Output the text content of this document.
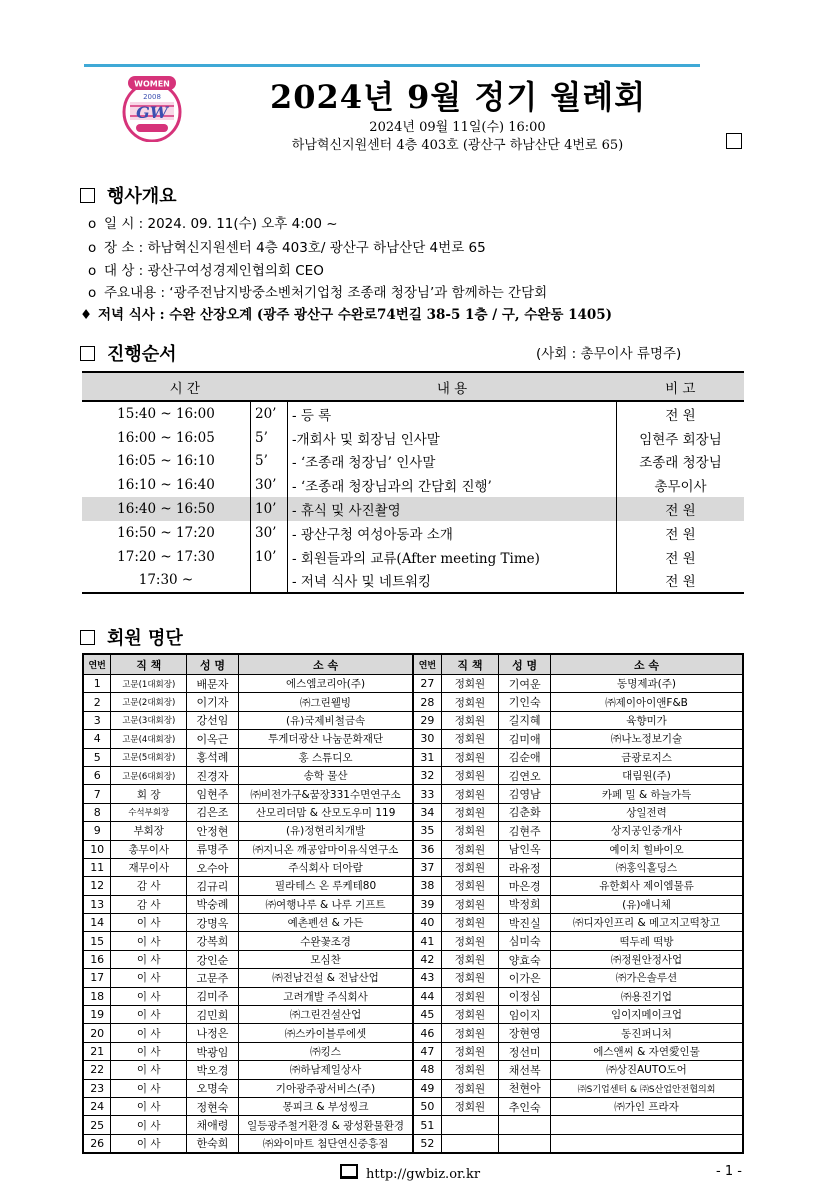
WOMEN
2008
GW	2024년 9월 정기 월례회
2024년 09월 11일(수) 16:00
하남혁신지원센터 4층 403호 (광산구 하남산단 4번로 65)
행사개요
o 일 시 : 2024. 09. 11(수) 오후 4:00 ~
o 장 소 : 하남혁신지원센터 4층 403호/ 광산구 하남산단 4번로 65
o 대 상 : 광산구여성경제인협의회 CEO
o 주요내용 : ‘광주전남지방중소벤처기업청 조종래 청장님’과 함께하는 간담회
♦ 저녁 식사 : 수완 산장오계 (광주 광산구 수완로74번길 38-5 1층 / 구, 수완동 1405)
진행순서	(사회 : 총무이사 류명주)
시 간		내 용	비 고
15:40 ~ 16:00	20’	- 등 록	전 원
16:00 ~ 16:05	5’	-개회사 및 회장님 인사말	임현주 회장님
16:05 ~ 16:10	5’	- ‘조종래 청장님’ 인사말	조종래 청장님
16:10 ~ 16:40	30’	- ‘조종래 청장님과의 간담회 진행’	총무이사
16:40 ~ 16:50	10’	- 휴식 및 사진촬영	전 원
16:50 ~ 17:20	30’	- 광산구청 여성아동과 소개	전 원
17:20 ~ 17:30	10’	- 회원들과의 교류(After meeting Time)	전 원
17:30 ~		- 저녁 식사 및 네트워킹	전 원
회원 명단
연번	직 책	성 명	소 속	연번	직 책	성 명	소 속
1	고문(1대회장)	배문자	에스엠코리아(주)	27	정회원	기여운	동명제과(주)
2	고문(2대회장)	이기자	㈜그린웰빙	28	정회원	기인숙	㈜제이아이앤F&B
3	고문(3대회장)	강선임	(유)국제비철금속	29	정회원	길지혜	육향미가
4	고문(4대회장)	이옥근	투게더광산 나눔문화재단	30	정회원	김미애	㈜나노정보기술
5	고문(5대회장)	홍석례	홍 스튜디오	31	정회원	김순애	금광로지스
6	고문(6대회장)	진경자	송학 물산	32	정회원	김연오	대림원(주)
7	회 장	임현주	㈜비전가구&꿈장331수면연구소	33	정회원	김영남	카페 밀 & 하늘가득
8	수석부회장	김은조	산모리더맘 & 산모도우미 119	34	정회원	김춘화	상일전력
9	부회장	안정현	(유)정현리치개발	35	정회원	김현주	상지공인중개사
10	총무이사	류명주	㈜지니온 깨공암마이유식연구소	36	정회원	남인옥	예이치 힐바이오
11	재무이사	오수아	주식회사 더아람	37	정회원	라유정	㈜홍익홀딩스
12	감 사	김규리	필라테스 온 루케테80	38	정회원	마은경	유한회사 제이엠물류
13	감 사	박숭례	㈜여행나루 & 나루 기프트	39	정회원	박정희	(유)애니체
14	이 사	강명옥	예촌펜션 & 가든	40	정회원	박진실	㈜디자인프리 & 메고지고떡창고
15	이 사	강복희	수완꽃조경	41	정회원	심미숙	떡두레 떡방
16	이 사	강인순	모심찬	42	정회원	양효숙	㈜정원안정사업
17	이 사	고문주	㈜전남건설 & 전남산업	43	정회원	이가은	㈜가은솔루션
18	이 사	김미주	고려개발 주식회사	44	정회원	이정심	㈜용진기업
19	이 사	김민희	㈜그린건설산업	45	정회원	임이지	임이지메이크업
20	이 사	나정은	㈜스카이블루에셋	46	정회원	장현영	동진퍼니처
21	이 사	박광임	㈜킹스	47	정회원	정선미	에스앤씨 & 자연愛인물
22	이 사	박오경	㈜하남제일상사	48	정회원	채선복	㈜상진AUTO도어
23	이 사	오명숙	기아광주광서비스(주)	49	정회원	천현아	㈜S기업센터 & ㈜S산업안전협의회
24	이 사	정현숙	몽피크 & 부성씽크	50	정회원	추인숙	㈜가인 프라자
25	이 사	채애령	일등광주철거환경 & 광성환물환경	51			
26	이 사	한숙희	㈜와이마트 첨단연신중흥점	52			
http://gwbiz.or.kr	- 1 -
